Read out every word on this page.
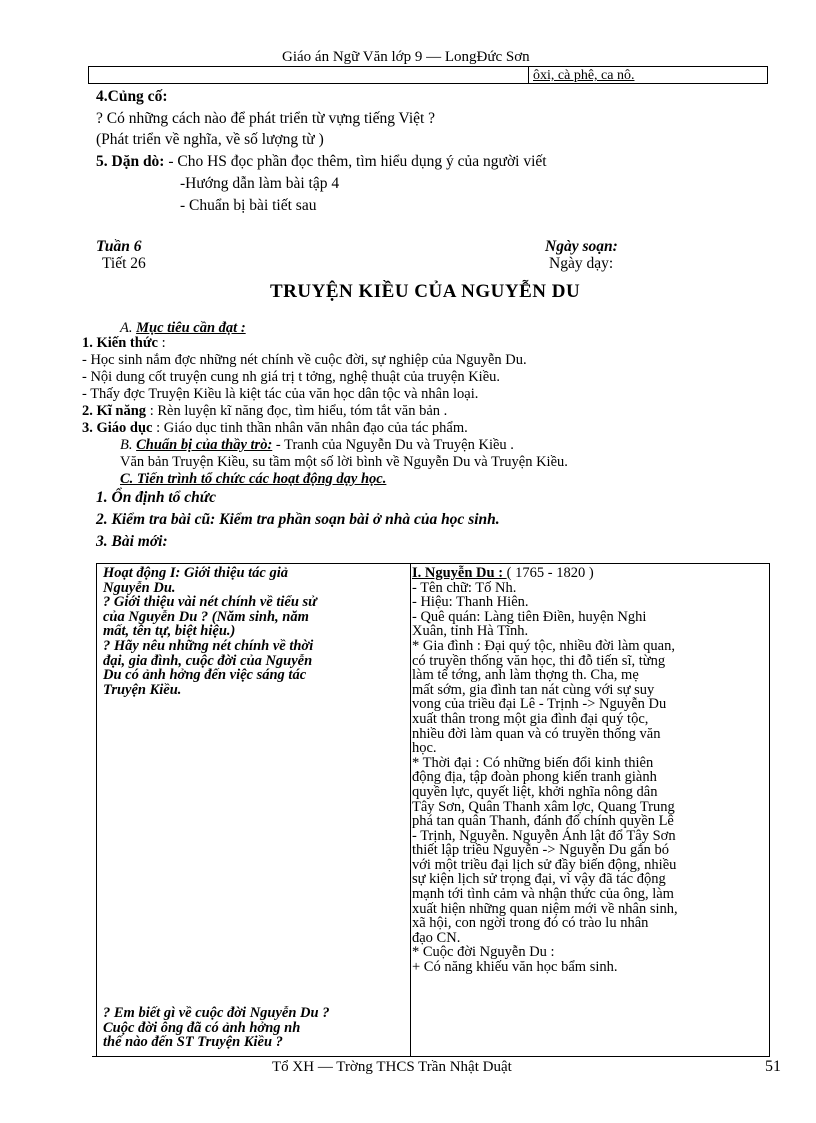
Giáo án Ngữ Văn lớp 9 — LongĐức Sơn
ôxi, cà phê, ca nô.
4.Củng cố:
? Có những cách nào để phát triển từ vựng tiếng Việt ?
(Phát triển về nghĩa, về số lượng từ )
5. Dặn dò: - Cho HS đọc phần đọc thêm, tìm hiểu dụng ý của người viết
-Hướng dẫn làm bài tập 4
- Chuẩn bị bài tiết sau
Tuần 6
Tiết 26
Ngày soạn:
Ngày dạy:
TRUYỆN KIỀU CỦA NGUYỄN DU
A. Mục tiêu cần đạt :
1. Kiến thức :
- Học sinh nắm đợc những nét chính về cuộc đời, sự nghiệp của Nguyễn Du.
- Nội dung cốt truyện cung nh giá trị t tởng, nghệ thuật của truyện Kiều.
- Thấy đợc Truyện Kiều là kiệt tác của văn học dân tộc và nhân loại.
2. Kĩ năng : Rèn luyện kĩ năng đọc, tìm hiểu, tóm tắt văn bản .
3. Giáo dục : Giáo dục tinh thần nhân văn nhân đạo của tác phẩm.
B. Chuẩn bị của thầy trò: - Tranh của Nguyễn Du và Truyện Kiều .
Văn bản Truyện Kiều, su tầm một số lời bình về Nguyễn Du và Truyện Kiều.
C. Tiến trình tổ chức các hoạt động dạy học.
1. Ổn định tổ chức
2. Kiểm tra bài cũ: Kiểm tra phần soạn bài ở nhà của học sinh.
3. Bài mới:

Hoạt động I: Giới thiệu tác giả

Nguyễn Du.

? Giới thiệu vài nét chính về tiểu sử

của Nguyễn Du ? (Năm sinh, năm

mất, tên tự, biệt hiệu.)

? Hãy nêu những nét chính về thời

đại, gia đình, cuộc đời của Nguyễn

Du có ảnh hởng đến việc sáng tác

Truyện Kiều.

? Em biết gì về cuộc đời Nguyễn Du ?

Cuộc đời ông đã có ảnh hởng nh

thế nào đến ST Truyện Kiều ?

I. Nguyễn Du : ( 1765 - 1820 )

- Tên chữ: Tố Nh.

- Hiệu: Thanh Hiên.

- Quê quán: Làng tiên Điền, huyện Nghi

Xuân, tỉnh Hà Tĩnh.

* Gia đình : Đại quý tộc, nhiều đời làm quan,

có truyền thống văn học, thi đỗ tiến sĩ, từng

làm tể tớng, anh làm thợng th. Cha, mẹ

mất sớm, gia đình tan nát cùng với sự suy

vong của triều đại Lê - Trịnh -> Nguyễn Du

xuất thân trong một gia đình đại quý tộc,

nhiều đời làm quan và có truyền thống văn

học.

* Thời đại : Có những biến đổi kinh thiên

động địa, tập đoàn phong kiến tranh giành

quyền lực, quyết liệt, khởi nghĩa nông dân

Tây Sơn, Quân Thanh xâm lợc, Quang Trung

phá tan quân Thanh, đánh đổ chính quyền Lê

- Trịnh, Nguyễn. Nguyễn Ánh lật đổ Tây Sơn

thiết lập triều Nguyễn -> Nguyễn Du gắn bó

với một triều đại lịch sử đầy biến động, nhiều

sự kiện lịch sử trọng đại, vì vậy đã tác động

mạnh tới tình cảm và nhận thức của ông, làm

xuất hiện những quan niệm mới về nhân sinh,

xã hội, con ngời trong đó có trào lu nhân

đạo CN.

* Cuộc đời Nguyễn Du :

+ Có năng khiếu văn học bẩm sinh.

Tổ XH — Trờng THCS Trần Nhật Duật	51
